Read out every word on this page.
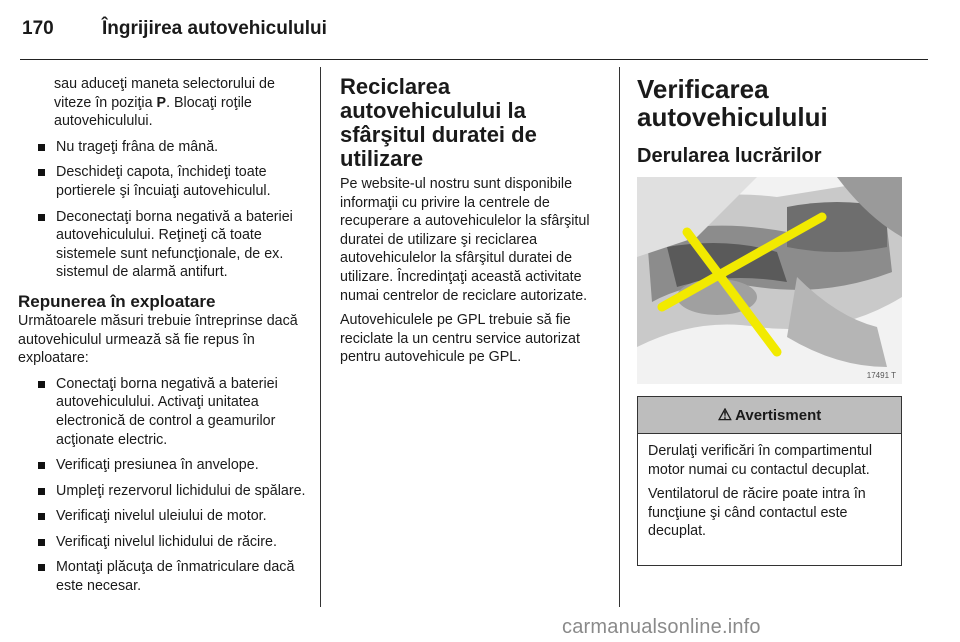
170	Îngrijirea autovehiculului

sau aduceţi maneta selectorului de viteze în poziţia P. Blocaţi roţile autovehiculului.

Nu trageţi frâna de mână.
Deschideţi capota, închideţi toate portierele şi încuiaţi autovehiculul.
Deconectaţi borna negativă a bateriei autovehiculului. Reţineţi că toate sistemele sunt nefuncţionale, de ex. sistemul de alarmă antifurt.
Repunerea în exploatare

Următoarele măsuri trebuie întreprinse dacă autovehiculul urmează să fie repus în exploatare:

Conectaţi borna negativă a bateriei autovehiculului. Activaţi unitatea electronică de control a geamurilor acţionate electric.
Verificaţi presiunea în anvelope.
Umpleţi rezervorul lichidului de spălare.
Verificaţi nivelul uleiului de motor.
Verificaţi nivelul lichidului de răcire.
Montaţi plăcuţa de înmatriculare dacă este necesar.
Reciclarea autovehiculului la sfârşitul duratei de utilizare

Pe website-ul nostru sunt disponibile informaţii cu privire la centrele de recuperare a autovehiculelor la sfârşitul duratei de utilizare şi reciclarea autovehiculelor la sfârşitul duratei de utilizare. Încredinţaţi această activitate numai centrelor de reciclare autorizate.

Autovehiculele pe GPL trebuie să fie reciclate la un centru service autorizat pentru autovehicule pe GPL.

Verificarea autovehiculului
Derularea lucrărilor
17491 T
⚠ Avertisment

Derulaţi verificări în compartimentul motor numai cu contactul decuplat.

Ventilatorul de răcire poate intra în funcţiune şi când contactul este decuplat.

carmanualsonline.info
